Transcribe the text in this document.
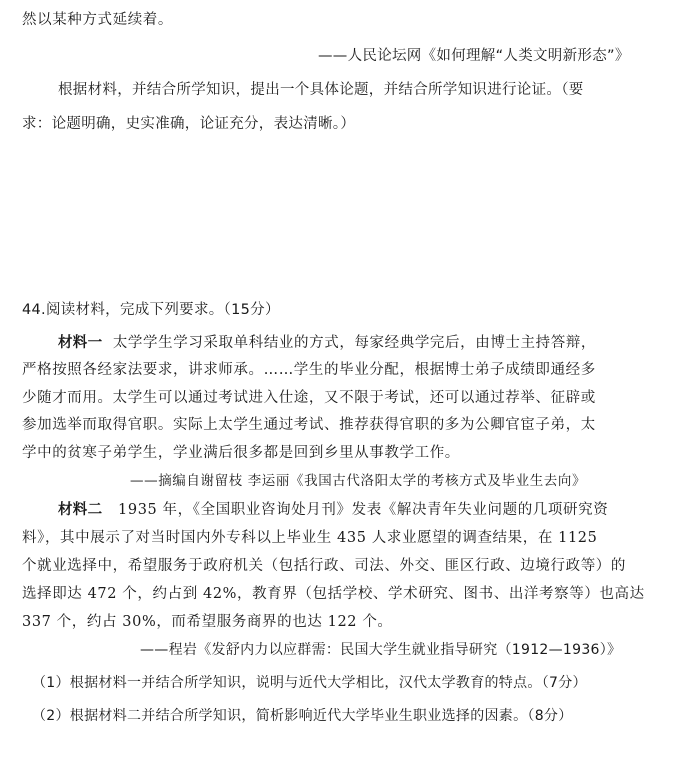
然以某种方式延续着。
——人民论坛网《如何理解“人类文明新形态”》
根据材料，并结合所学知识，提出一个具体论题，并结合所学知识进行论证。（要
求：论题明确，史实准确，论证充分，表达清晰。）
44.阅读材料，完成下列要求。（15分）
材料一 太学学生学习采取单科结业的方式，每家经典学完后，由博士主持答辩，
严格按照各经家法要求，讲求师承。……学生的毕业分配，根据博士弟子成绩即通经多
少随才而用。太学生可以通过考试进入仕途，又不限于考试，还可以通过荐举、征辟或
参加选举而取得官职。实际上太学生通过考试、推荐获得官职的多为公卿官宦子弟，太
学中的贫寒子弟学生，学业满后很多都是回到乡里从事教学工作。
——摘编自谢留枝 李运丽《我国古代洛阳太学的考核方式及毕业生去向》
材料二 1935 年，《全国职业咨询处月刊》发表《解决青年失业问题的几项研究资
料》，其中展示了对当时国内外专科以上毕业生 435 人求业愿望的调查结果，在 1125
个就业选择中，希望服务于政府机关（包括行政、司法、外交、匪区行政、边境行政等）的
选择即达 472 个，约占到 42%，教育界（包括学校、学术研究、图书、出洋考察等）也高达
337 个，约占 30%，而希望服务商界的也达 122 个。
——程岩《发舒内力以应群需：民国大学生就业指导研究（1912—1936）》
（1）根据材料一并结合所学知识，说明与近代大学相比，汉代太学教育的特点。（7分）
（2）根据材料二并结合所学知识，简析影响近代大学毕业生职业选择的因素。（8分）
